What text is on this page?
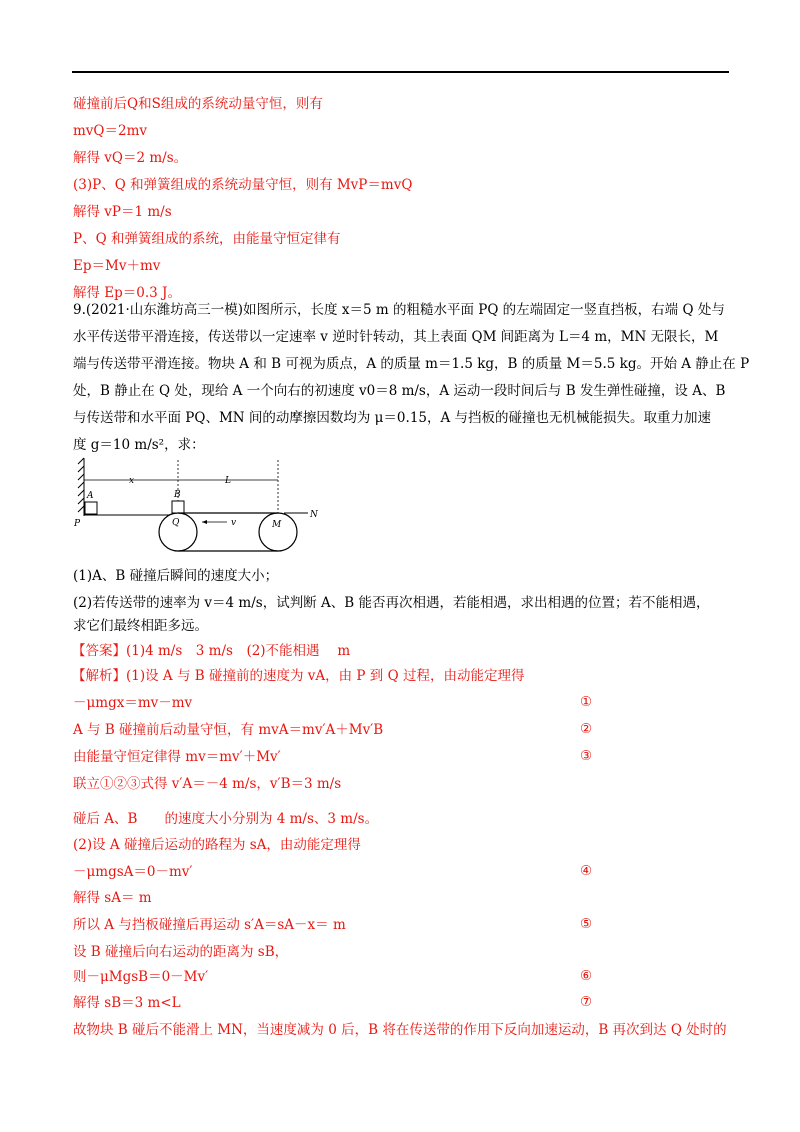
碰撞前后Q和S组成的系统动量守恒，则有
mvQ＝2mv
解得 vQ＝2 m/s。
(3)P、Q 和弹簧组成的系统动量守恒，则有 MvP＝mvQ
解得 vP＝1 m/s
P、Q 和弹簧组成的系统，由能量守恒定律有
Ep＝Mv＋mv
解得 Ep＝0.3 J。
9.(2021·山东潍坊高三一模)如图所示，长度 x＝5 m 的粗糙水平面 PQ 的左端固定一竖直挡板，右端 Q 处与
水平传送带平滑连接，传送带以一定速率 v 逆时针转动，其上表面 QM 间距离为 L＝4 m，MN 无限长，M
端与传送带平滑连接。物块 A 和 B 可视为质点，A 的质量 m＝1.5 kg，B 的质量 M＝5.5 kg。开始 A 静止在 P
处，B 静止在 Q 处，现给 A 一个向右的初速度 v0＝8 m/s，A 运动一段时间后与 B 发生弹性碰撞，设 A、B
与传送带和水平面 PQ、MN 间的动摩擦因数均为 μ＝0.15，A 与挡板的碰撞也无机械能损失。取重力加速
度 g＝10 m/s²，求：
x	L
A
P
B
Q	M
v
N
(1)A、B 碰撞后瞬间的速度大小；
(2)若传送带的速率为 v＝4 m/s，试判断 A、B 能否再次相遇，若能相遇，求出相遇的位置；若不能相遇，
求它们最终相距多远。
【答案】(1)4 m/s　3 m/s　(2)不能相遇　 m
【解析】(1)设 A 与 B 碰撞前的速度为 vA，由 P 到 Q 过程，由动能定理得
－μmgx＝mv－mv	①
A 与 B 碰撞前后动量守恒，有 mvA＝mv′A＋Mv′B	②
由能量守恒定律得 mv＝mv′＋Mv′	③
联立①②③式得 v′A＝－4 m/s，v′B＝3 m/s
碰后 A、B　　的速度大小分别为 4 m/s、3 m/s。
(2)设 A 碰撞后运动的路程为 sA，由动能定理得
－μmgsA＝0－mv′	④
解得 sA＝ m
所以 A 与挡板碰撞后再运动 s′A＝sA－x＝ m	⑤
设 B 碰撞后向右运动的距离为 sB，
则－μMgsB＝0－Mv′	⑥
解得 sB＝3 m<L	⑦
故物块 B 碰后不能滑上 MN，当速度减为 0 后，B 将在传送带的作用下反向加速运动，B 再次到达 Q 处时的
